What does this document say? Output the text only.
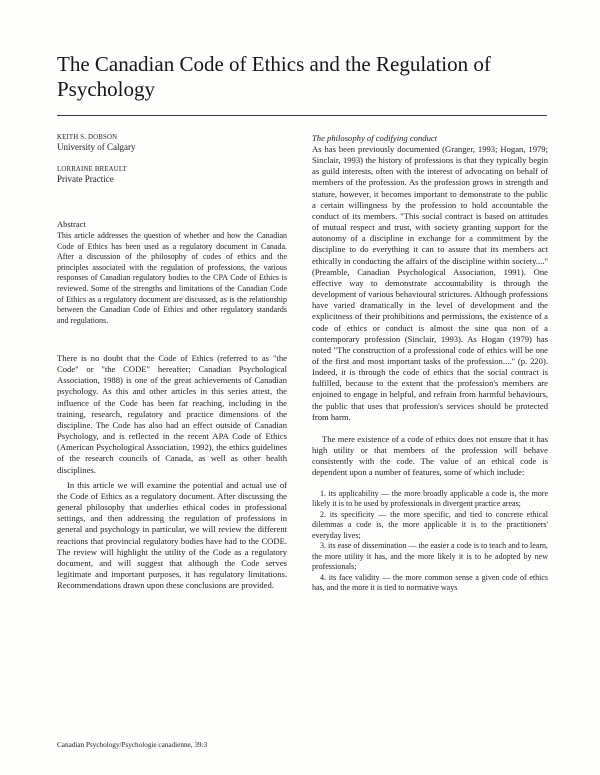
The Canadian Code of Ethics and the Regulation of Psychology

KEITH S. DOBSON

University of Calgary

LORRAINE BREAULT

Private Practice

Abstract

This article addresses the question of whether and how the Canadian Code of Ethics has been used as a regulatory document in Canada. After a discussion of the philosophy of codes of ethics and the principles associated with the regulation of professions, the various responses of Canadian regulatory bodies to the CPA Code of Ethics is reviewed. Some of the strengths and limitations of the Canadian Code of Ethics as a regulatory document are discussed, as is the relationship between the Canadian Code of Ethics and other regulatory standards and regulations.

There is no doubt that the Code of Ethics (referred to as "the Code" or "the CODE" hereafter; Canadian Psychological Association, 1988) is one of the great achievements of Canadian psychology. As this and other articles in this series attest, the influence of the Code has been far reaching, including in the training, research, regulatory and practice dimensions of the discipline. The Code has also had an effect outside of Canadian Psychology, and is reflected in the recent APA Code of Ethics (American Psychological Association, 1992), the ethics guidelines of the research councils of Canada, as well as other health disciplines.

In this article we will examine the potential and actual use of the Code of Ethics as a regulatory document. After discussing the general philosophy that underlies ethical codes in professional settings, and then addressing the regulation of professions in general and psychology in particular, we will review the different reactions that provincial regulatory bodies have had to the CODE. The review will highlight the utility of the Code as a regulatory document, and will suggest that although the Code serves legitimate and important purposes, it has regulatory limitations. Recommendations drawn upon these conclusions are provided.

The philosophy of codifying conduct

As has been previously documented (Granger, 1993; Hogan, 1979; Sinclair, 1993) the history of professions is that they typically begin as guild interests, often with the interest of advocating on behalf of members of the profession. As the profession grows in strength and stature, however, it becomes important to demonstrate to the public a certain willingness by the profession to hold accountable the conduct of its members. "This social contract is based on attitudes of mutual respect and trust, with society granting support for the autonomy of a discipline in exchange for a commitment by the discipline to do everything it can to assure that its members act ethically in conducting the affairs of the discipline within society...." (Preamble, Canadian Psychological Association, 1991). One effective way to demonstrate accountability is through the development of various behavioural strictures. Although professions have varied dramatically in the level of development and the explicitness of their prohibitions and permissions, the existence of a code of ethics or conduct is almost the sine qua non of a contemporary profession (Sinclair, 1993). As Hogan (1979) has noted "The construction of a professional code of ethics will be one of the first and most important tasks of the profession...." (p. 220). Indeed, it is through the code of ethics that the social contract is fulfilled, because to the extent that the profession's members are enjoined to engage in helpful, and refrain from harmful behaviours, the public that uses that profession's services should be protected from harm.

The mere existence of a code of ethics does not ensure that it has high utility or that members of the profession will behave consistently with the code. The value of an ethical code is dependent upon a number of features, some of which include:

1. its applicability — the more broadly applicable a code is, the more likely it is to be used by professionals in divergent practice areas;
2. its specificity — the more specific, and tied to concrete ethical dilemmas a code is, the more applicable it is to the practitioners' everyday lives;
3. its ease of dissemination — the easier a code is to teach and to learn, the more utility it has, and the more likely it is to be adopted by new professionals;
4. its face validity — the more common sense a given code of ethics has, and the more it is tied to normative ways
Canadian Psychology/Psychologie canadienne, 39:3
